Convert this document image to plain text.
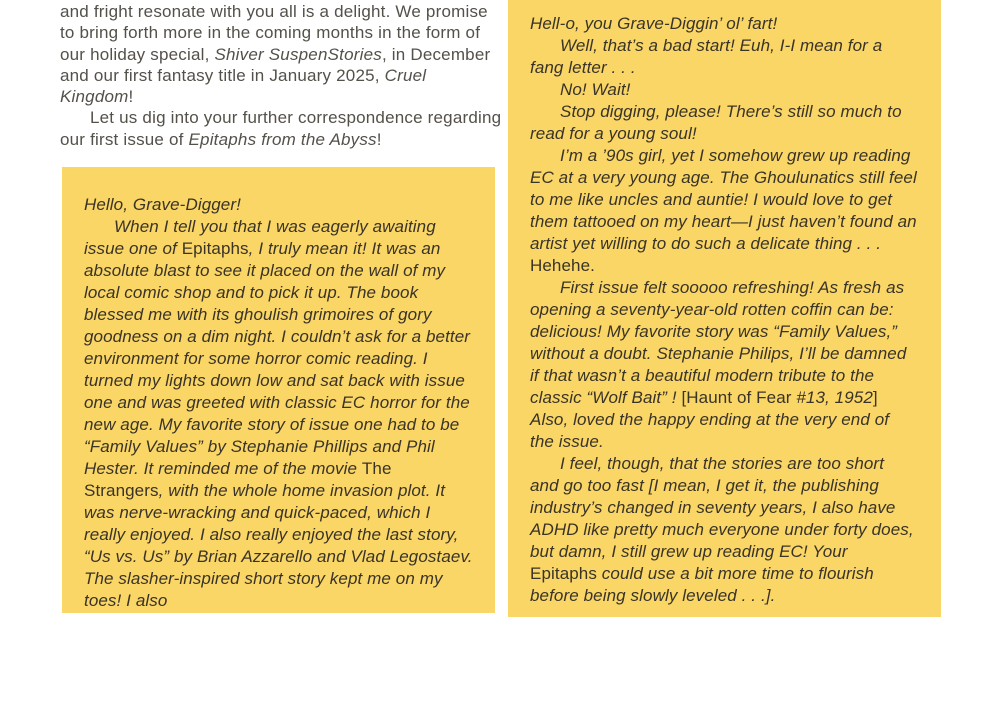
and fright resonate with you all is a delight. We promise to bring forth more in the coming months in the form of our holiday special, Shiver SuspenStories, in December and our first fantasy title in January 2025, Cruel Kingdom!

Let us dig into your further correspondence regarding our first issue of Epitaphs from the Abyss!

Hello, Grave-Digger!

When I tell you that I was eagerly awaiting issue one of Epitaphs, I truly mean it! It was an absolute blast to see it placed on the wall of my local comic shop and to pick it up. The book blessed me with its ghoulish grimoires of gory goodness on a dim night. I couldn’t ask for a better environment for some horror comic reading. I turned my lights down low and sat back with issue one and was greeted with classic EC horror for the new age. My favorite story of issue one had to be “Family Values” by Stephanie Phillips and Phil Hester. It reminded me of the movie The Strangers, with the whole home invasion plot. It was nerve-wracking and quick-paced, which I really enjoyed. I also really enjoyed the last story, “Us vs. Us” by Brian Azzarello and Vlad Legostaev. The slasher-inspired short story kept me on my toes! I also

Hell-o, you Grave-Diggin’ ol’ fart!

Well, that’s a bad start! Euh, I-I mean for a fang letter . . .

No! Wait!

Stop digging, please! There’s still so much to read for a young soul!

I’m a ’90s girl, yet I somehow grew up reading EC at a very young age. The Ghoulunatics still feel to me like uncles and auntie! I would love to get them tattooed on my heart—I just haven’t found an artist yet willing to do such a delicate thing . . . Hehehe.

First issue felt sooooo refreshing! As fresh as opening a seventy-year-old rotten coffin can be: delicious! My favorite story was “Family Values,” without a doubt. Stephanie Philips, I’ll be damned if that wasn’t a beautiful modern tribute to the classic “Wolf Bait” ! [Haunt of Fear #13, 1952] Also, loved the happy ending at the very end of the issue.

I feel, though, that the stories are too short and go too fast [I mean, I get it, the publishing industry’s changed in seventy years, I also have ADHD like pretty much everyone under forty does, but damn, I still grew up reading EC! Your Epitaphs could use a bit more time to flourish before being slowly leveled . . .].
